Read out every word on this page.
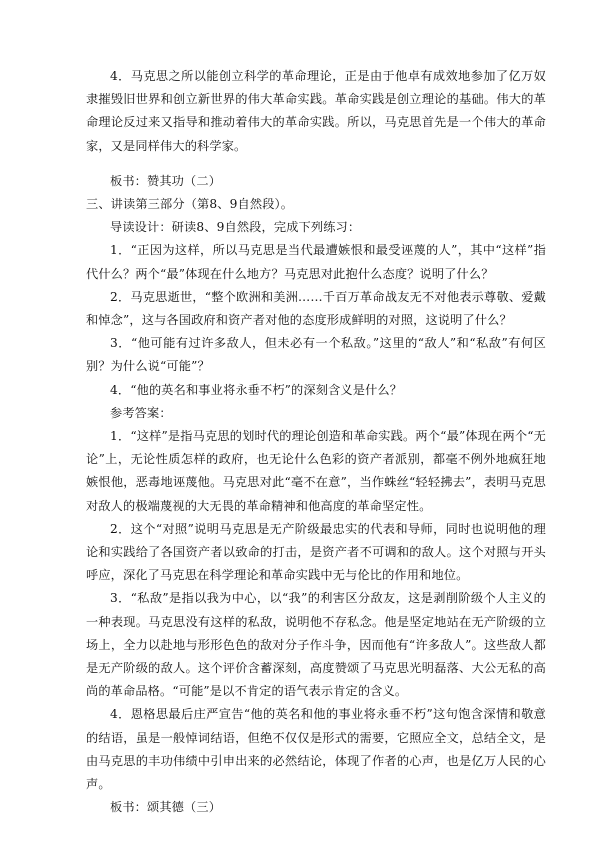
4．马克思之所以能创立科学的革命理论，正是由于他卓有成效地参加了亿万奴隶摧毁旧世界和创立新世界的伟大革命实践。革命实践是创立理论的基础。伟大的革命理论反过来又指导和推动着伟大的革命实践。所以，马克思首先是一个伟大的革命家，又是同样伟大的科学家。

板书：赞其功（二）

三、讲读第三部分（第8、9自然段）。

导读设计：研读8、9自然段，完成下列练习：

1．“正因为这样，所以马克思是当代最遭嫉恨和最受诬蔑的人”，其中“这样”指代什么？两个“最”体现在什么地方？马克思对此抱什么态度？说明了什么？

2．马克思逝世，“整个欧洲和美洲……千百万革命战友无不对他表示尊敬、爱戴和悼念”，这与各国政府和资产者对他的态度形成鲜明的对照，这说明了什么？

3．“他可能有过许多敌人，但未必有一个私敌。”这里的“敌人”和“私敌”有何区别？为什么说“可能”？

4．“他的英名和事业将永垂不朽”的深刻含义是什么？

参考答案：

1．“这样”是指马克思的划时代的理论创造和革命实践。两个“最”体现在两个“无论”上，无论性质怎样的政府，也无论什么色彩的资产者派别，都毫不例外地疯狂地嫉恨他，恶毒地诬蔑他。马克思对此“毫不在意”，当作蛛丝“轻轻拂去”，表明马克思对敌人的极端蔑视的大无畏的革命精神和他高度的革命坚定性。

2．这个“对照”说明马克思是无产阶级最忠实的代表和导师，同时也说明他的理论和实践给了各国资产者以致命的打击，是资产者不可调和的敌人。这个对照与开头呼应，深化了马克思在科学理论和革命实践中无与伦比的作用和地位。

3．“私敌”是指以我为中心，以“我”的利害区分敌友，这是剥削阶级个人主义的一种表现。马克思没有这样的私敌，说明他不存私念。他是坚定地站在无产阶级的立场上，全力以赴地与形形色色的敌对分子作斗争，因而他有“许多敌人”。这些敌人都是无产阶级的敌人。这个评价含蓄深刻，高度赞颂了马克思光明磊落、大公无私的高尚的革命品格。“可能”是以不肯定的语气表示肯定的含义。

4．恩格思最后庄严宣告“他的英名和他的事业将永垂不朽”这句饱含深情和敬意的结语，虽是一般悼词结语，但绝不仅仅是形式的需要，它照应全文，总结全文，是由马克思的丰功伟绩中引申出来的必然结论，体现了作者的心声，也是亿万人民的心声。

板书：颂其德（三）
